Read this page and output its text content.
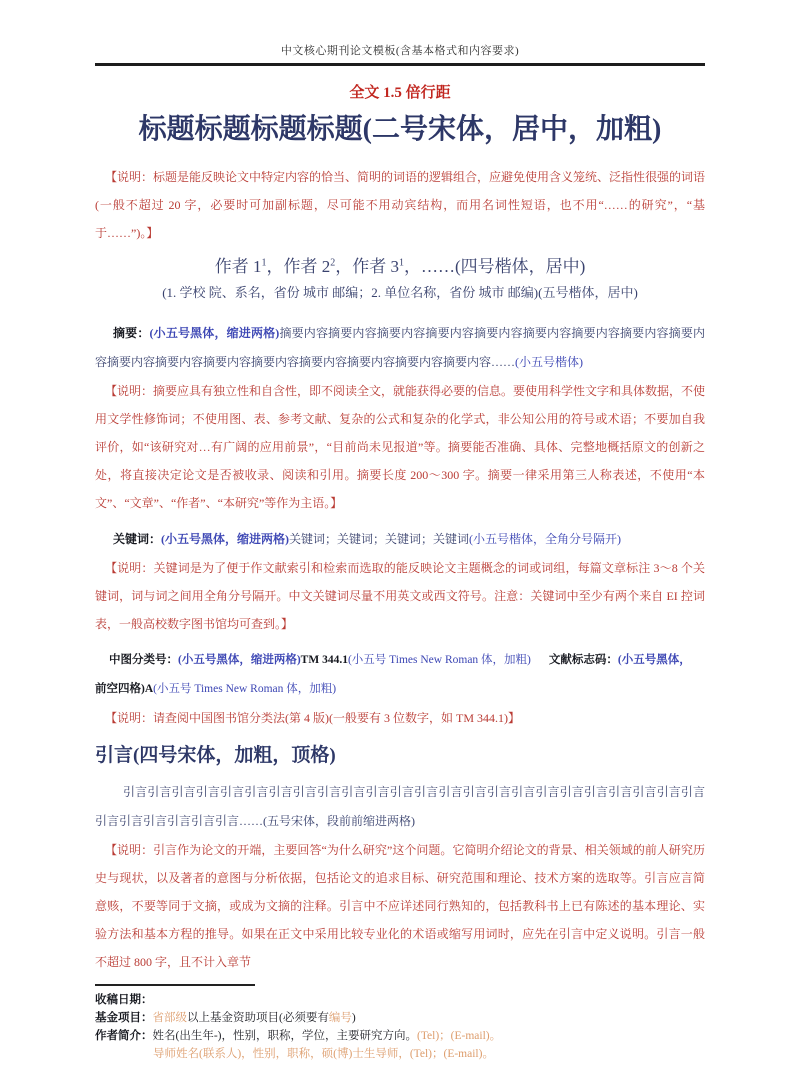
中文核心期刊论文模板(含基本格式和内容要求)
全文 1.5 倍行距
标题标题标题标题(二号宋体，居中，加粗)

【说明：标题是能反映论文中特定内容的恰当、简明的词语的逻辑组合，应避免使用含义笼统、泛指性很强的词语(一般不超过 20 字，必要时可加副标题，尽可能不用动宾结构，而用名词性短语，也不用“……的研究”，“基于……”)。】

作者 $1^1$，作者 $2^2$，作者 $3^1$，……(四号楷体，居中)
(1. 学校 院、系名，省份 城市 邮编；2. 单位名称，省份 城市 邮编)(五号楷体，居中)

摘要：(小五号黑体，缩进两格)摘要内容摘要内容摘要内容摘要内容摘要内容摘要内容摘要内容摘要内容摘要内容摘要内容摘要内容摘要内容摘要内容摘要内容摘要内容摘要内容摘要内容……(小五号楷体)

【说明：摘要应具有独立性和自含性，即不阅读全文，就能获得必要的信息。要使用科学性文字和具体数据，不使用文学性修饰词；不使用图、表、参考文献、复杂的公式和复杂的化学式，非公知公用的符号或术语；不要加自我评价，如“该研究对…有广阔的应用前景”，“目前尚未见报道”等。摘要能否准确、具体、完整地概括原文的创新之处，将直接决定论文是否被收录、阅读和引用。摘要长度 200～300 字。摘要一律采用第三人称表述，不使用“本文”、“文章”、“作者”、“本研究”等作为主语。】

关键词：(小五号黑体，缩进两格)关键词；关键词；关键词；关键词(小五号楷体，全角分号隔开)

【说明：关键词是为了便于作文献索引和检索而选取的能反映论文主题概念的词或词组，每篇文章标注 3～8 个关键词，词与词之间用全角分号隔开。中文关键词尽量不用英文或西文符号。注意：关键词中至少有两个来自 EI 控词表，一般高校数字图书馆均可查到。】

中图分类号：(小五号黑体，缩进两格)TM 344.1(小五号 Times New Roman 体，加粗) 文献标志码：(小五号黑体，
前空四格)A(小五号 Times New Roman 体，加粗)

【说明：请查阅中国图书馆分类法(第 4 版)(一般要有 3 位数字，如 TM 344.1)】

引言(四号宋体，加粗，顶格)

引言引言引言引言引言引言引言引言引言引言引言引言引言引言引言引言引言引言引言引言引言引言引言引言引言引言引言引言引言引言……(五号宋体，段前前缩进两格)

【说明：引言作为论文的开端，主要回答“为什么研究”这个问题。它简明介绍论文的背景、相关领域的前人研究历史与现状，以及著者的意图与分析依据，包括论文的追求目标、研究范围和理论、技术方案的选取等。引言应言简意赅，不要等同于文摘，或成为文摘的注释。引言中不应详述同行熟知的，包括教科书上已有陈述的基本理论、实验方法和基本方程的推导。如果在正文中采用比较专业化的术语或缩写用词时，应先在引言中定义说明。引言一般不超过 800 字，且不计入章节

收稿日期：
基金项目：省部级以上基金资助项目(必须要有编号)
作者简介：姓名(出生年-)，性别，职称，学位，主要研究方向。(Tel)；(E-mail)。
导师姓名(联系人)，性别，职称，硕(博)士生导师，(Tel)；(E-mail)。
